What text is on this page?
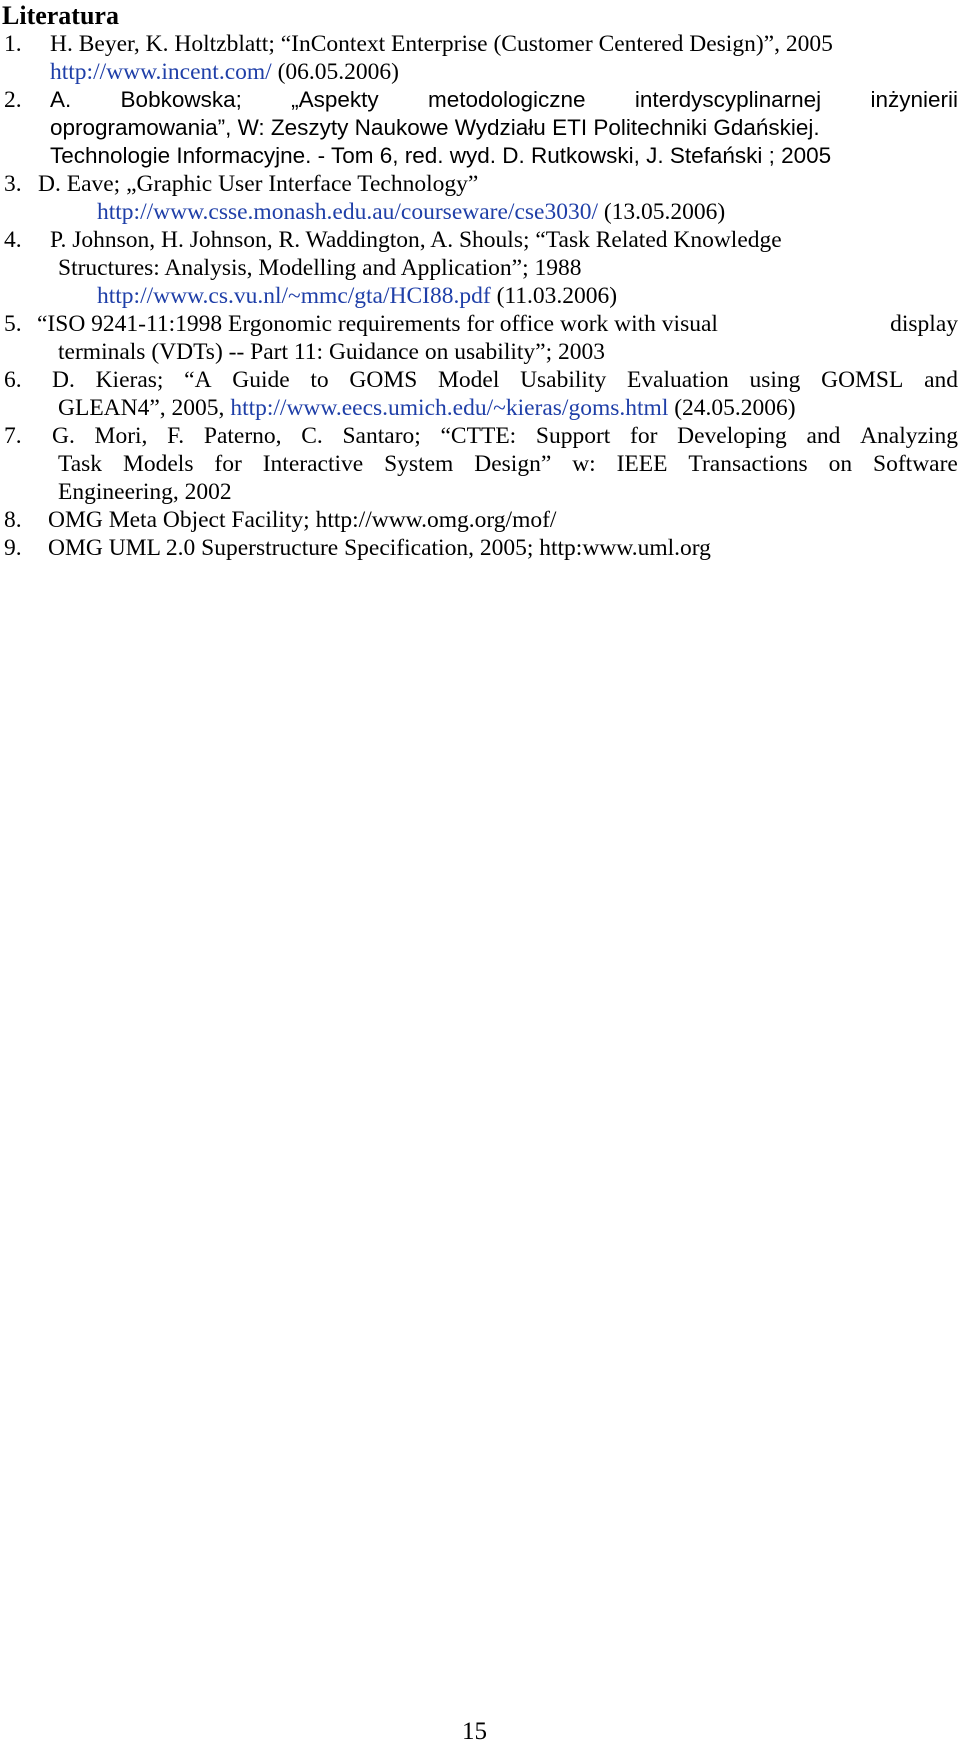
Literatura
1. H. Beyer, K. Holtzblatt; “InContext Enterprise (Customer Centered Design)”, 2005
http://www.incent.com/ (06.05.2006)
2. A. Bobkowska; „Aspekty metodologiczne interdyscyplinarnej inżynierii
oprogramowania”, W: Zeszyty Naukowe Wydziału ETI Politechniki Gdańskiej.
Technologie Informacyjne. - Tom 6, red. wyd. D. Rutkowski, J. Stefański ; 2005
3. D. Eave; „Graphic User Interface Technology”
http://www.csse.monash.edu.au/courseware/cse3030/ (13.05.2006)
4. P. Johnson, H. Johnson, R. Waddington, A. Shouls; “Task Related Knowledge
Structures: Analysis, Modelling and Application”; 1988
http://www.cs.vu.nl/~mmc/gta/HCI88.pdf (11.03.2006)
5. “ISO 9241-11:1998 Ergonomic requirements for office work with visual	display
terminals (VDTs) -- Part 11: Guidance on usability”; 2003
6. D. Kieras; “A Guide to GOMS Model Usability Evaluation using GOMSL and
GLEAN4”, 2005, http://www.eecs.umich.edu/~kieras/goms.html (24.05.2006)
7. G. Mori, F. Paterno, C. Santaro; “CTTE: Support for Developing and Analyzing
Task Models for Interactive System Design” w: IEEE Transactions on Software
Engineering, 2002
8. OMG Meta Object Facility; http://www.omg.org/mof/
9. OMG UML 2.0 Superstructure Specification, 2005; http:www.uml.org
15
